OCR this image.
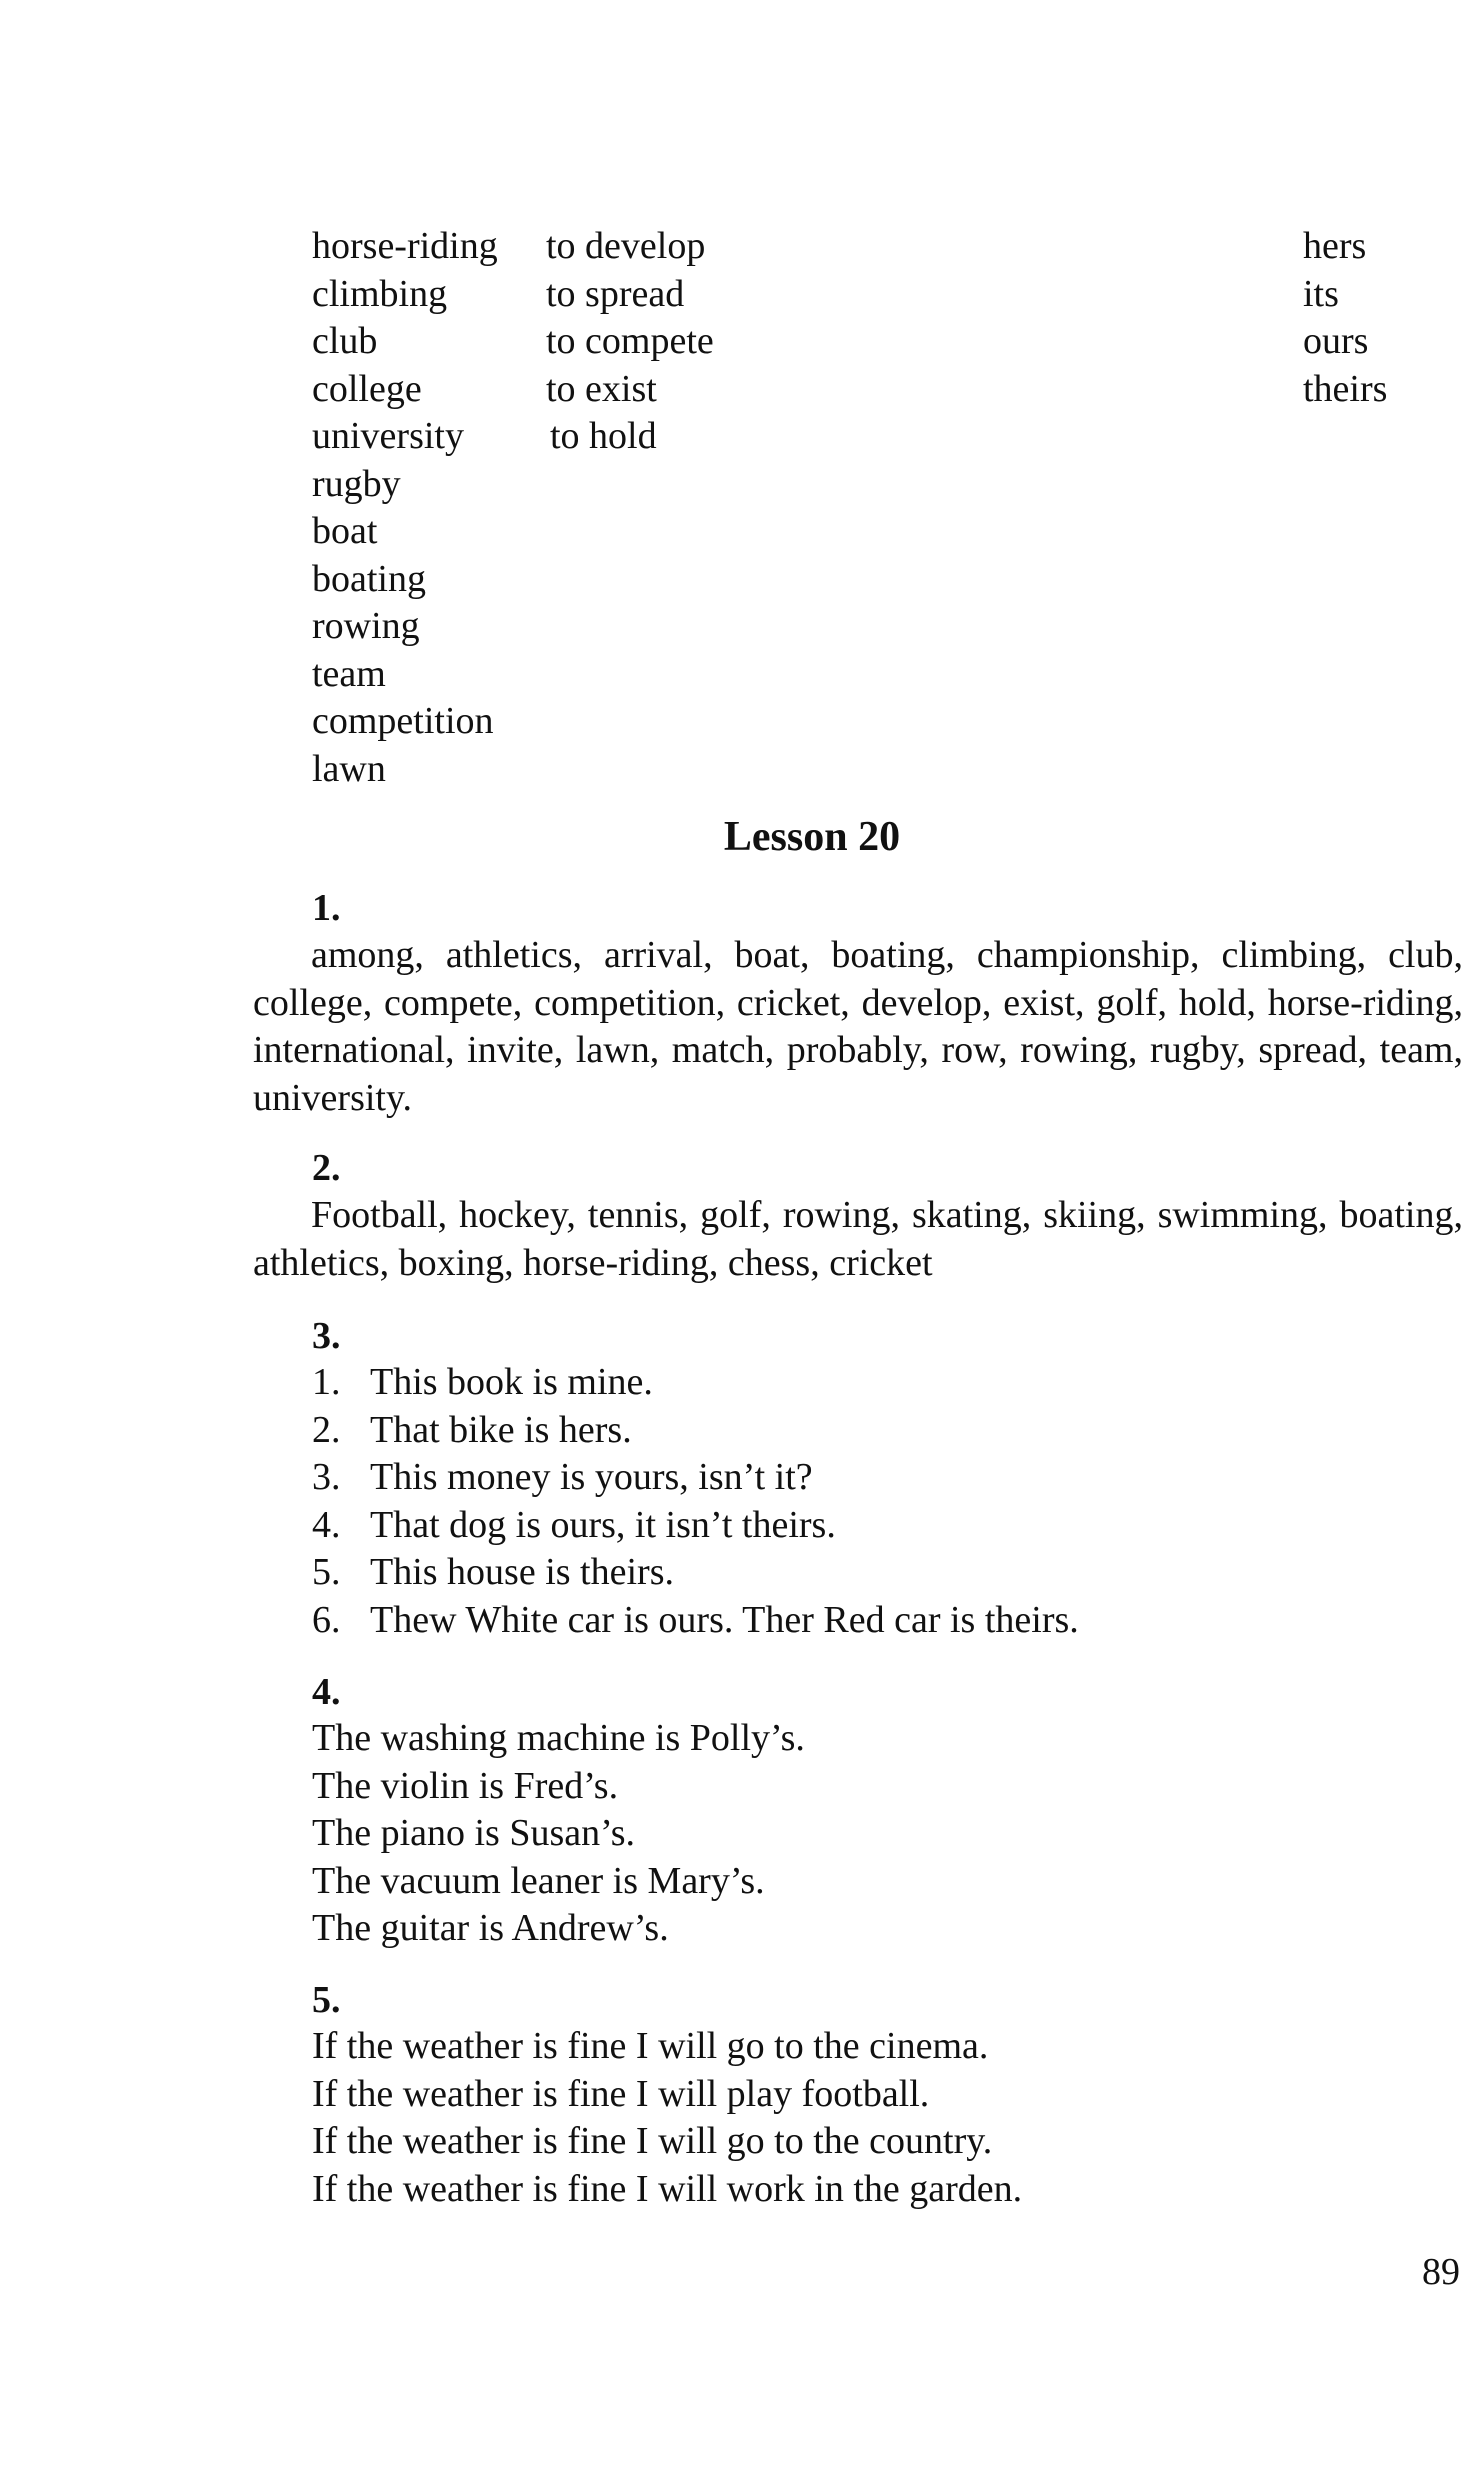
horse-riding
climbing
club
college
university
rugby
boat
boating
rowing
team
competition
lawn
to develop
to spread
to compete
to exist
to hold
hers
its
ours
theirs
Lesson 20
1.
among, athletics, arrival, boat, boating, championship, climbing, club, college, compete, competition, cricket, develop, exist, golf, hold, horse-riding, international, invite, lawn, match, probably, row, rowing, rugby, spread, team, university.
2.
Football, hockey, tennis, golf, rowing, skating, skiing, swimming, boating, athletics, boxing, horse-riding, chess, cricket
3.
1. This book is mine.
2. That bike is hers.
3. This money is yours, isn’t it?
4. That dog is ours, it isn’t theirs.
5. This house is theirs.
6. Thew White car is ours. Ther Red car is theirs.
4.
The washing machine is Polly’s.
The violin is Fred’s.
The piano is Susan’s.
The vacuum leaner is Mary’s.
The guitar is Andrew’s.
5.
If the weather is fine I will go to the cinema.
If the weather is fine I will play football.
If the weather is fine I will go to the country.
If the weather is fine I will work in the garden.
89
